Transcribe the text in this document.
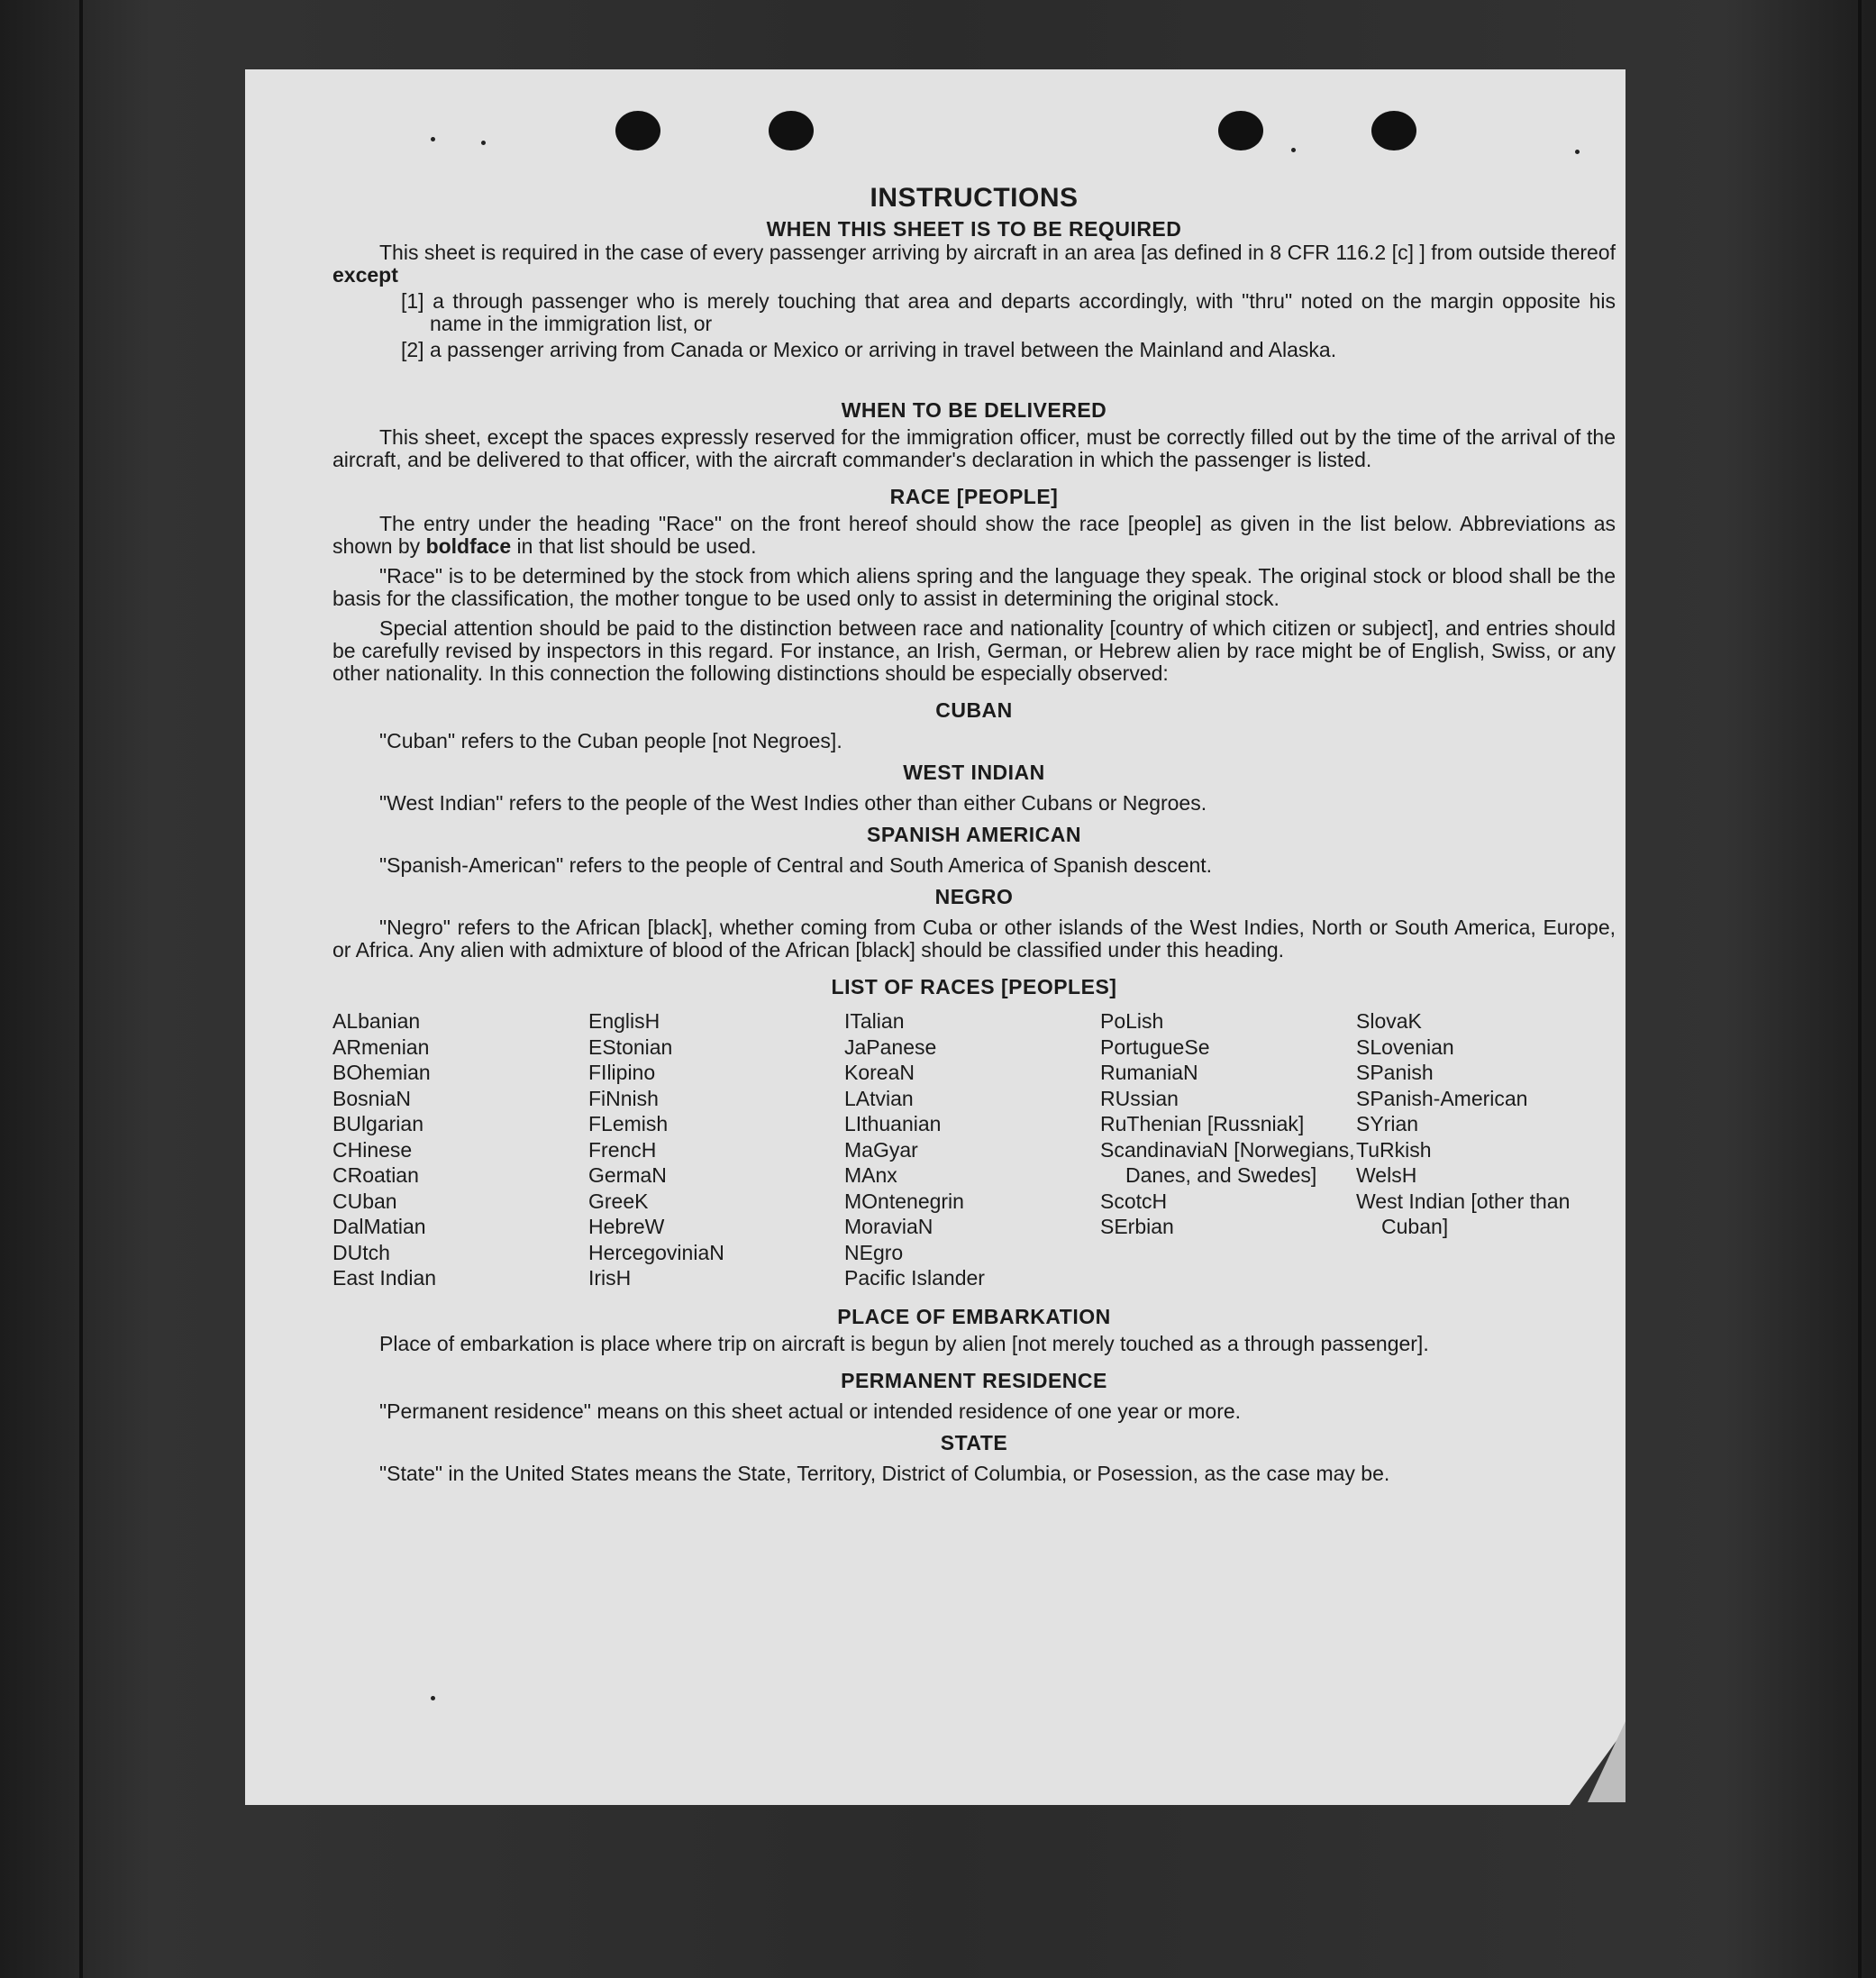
INSTRUCTIONS
WHEN THIS SHEET IS TO BE REQUIRED

This sheet is required in the case of every passenger arriving by aircraft in an area [as defined in 8 CFR 116.2 [c] ] from outside thereof except

[1] a through passenger who is merely touching that area and departs accordingly, with "thru" noted on the margin opposite his name in the immigration list, or

[2] a passenger arriving from Canada or Mexico or arriving in travel between the Mainland and Alaska.

WHEN TO BE DELIVERED

This sheet, except the spaces expressly reserved for the immigration officer, must be correctly filled out by the time of the arrival of the aircraft, and be delivered to that officer, with the aircraft commander's declaration in which the passenger is listed.

RACE [PEOPLE]

The entry under the heading "Race" on the front hereof should show the race [people] as given in the list below. Abbreviations as shown by boldface in that list should be used.

"Race" is to be determined by the stock from which aliens spring and the language they speak. The original stock or blood shall be the basis for the classification, the mother tongue to be used only to assist in determining the original stock.

Special attention should be paid to the distinction between race and nationality [country of which citizen or subject], and entries should be carefully revised by inspectors in this regard. For instance, an Irish, German, or Hebrew alien by race might be of English, Swiss, or any other nationality. In this connection the following distinctions should be especially observed:

CUBAN

"Cuban" refers to the Cuban people [not Negroes].

WEST INDIAN

"West Indian" refers to the people of the West Indies other than either Cubans or Negroes.

SPANISH AMERICAN

"Spanish-American" refers to the people of Central and South America of Spanish descent.

NEGRO

"Negro" refers to the African [black], whether coming from Cuba or other islands of the West Indies, North or South America, Europe, or Africa. Any alien with admixture of blood of the African [black] should be classified under this heading.

LIST OF RACES [PEOPLES]
ALbanian
ARmenian
BOhemian
BosniaN
BUlgarian
CHinese
CRoatian
CUban
DalMatian
DUtch
East Indian
EnglisH
EStonian
FIlipino
FiNnish
FLemish
FrencH
GermaN
GreeK
HebreW
HercegoviniaN
IrisH
ITalian
JaPanese
KoreaN
LAtvian
LIthuanian
MaGyar
MAnx
MOntenegrin
MoraviaN
NEgro
Pacific Islander
PoLish
PortugueSe
RumaniaN
RUssian
RuThenian [Russniak]
ScandinaviaN [Norwegians, Danes, and Swedes]
ScotcH
SErbian
SlovaK
SLovenian
SPanish
SPanish-American
SYrian
TuRkish
WelsH
West Indian [other than Cuban]
PLACE OF EMBARKATION

Place of embarkation is place where trip on aircraft is begun by alien [not merely touched as a through passenger].

PERMANENT RESIDENCE

"Permanent residence" means on this sheet actual or intended residence of one year or more.

STATE

"State" in the United States means the State, Territory, District of Columbia, or Posession, as the case may be.
